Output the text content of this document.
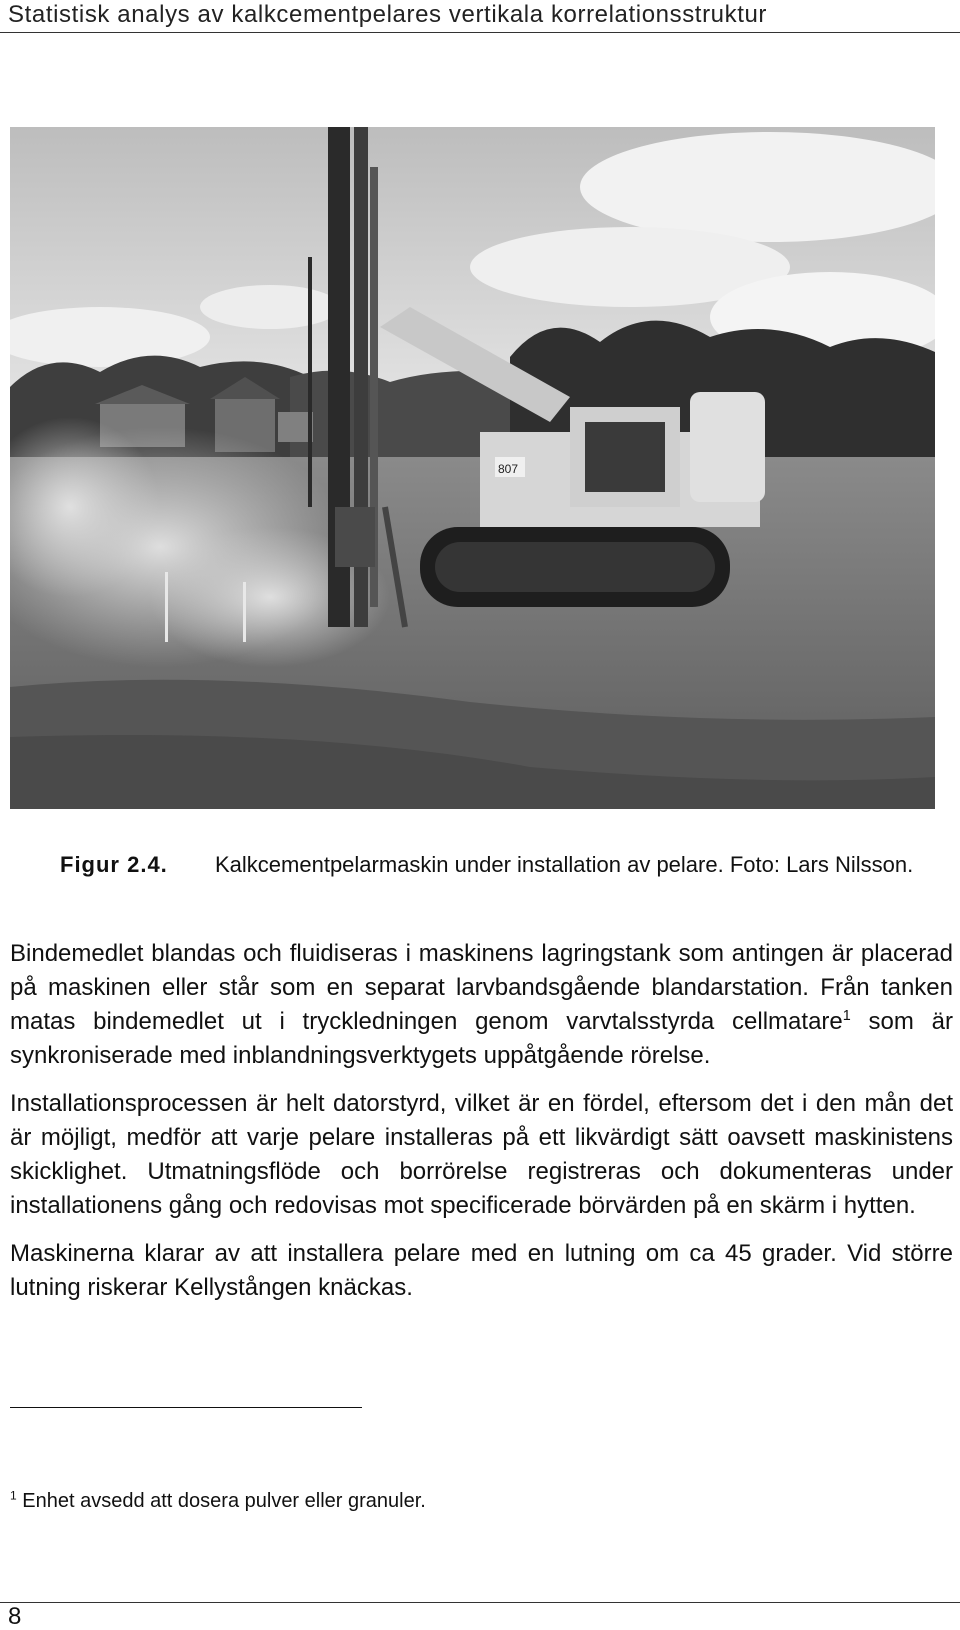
Statistisk analys av kalkcementpelares vertikala korrelationsstruktur
807
Figur 2.4. Kalkcementpelarmaskin under installation av pelare. Foto: Lars Nilsson.

Bindemedlet blandas och fluidiseras i maskinens lagringstank som antingen är placerad på maskinen eller står som en separat larvbandsgående blandarstation. Från tanken matas bindemedlet ut i tryckledningen genom varvtalsstyrda cellmatare$^1$ som är synkroniserade med inblandningsverktygets uppåtgående rörelse.

Installationsprocessen är helt datorstyrd, vilket är en fördel, eftersom det i den mån det är möjligt, medför att varje pelare installeras på ett likvärdigt sätt oavsett maskinistens skicklighet. Utmatningsflöde och borrörelse registreras och dokumenteras under installationens gång och redovisas mot specificerade börvärden på en skärm i hytten.

Maskinerna klarar av att installera pelare med en lutning om ca 45 grader. Vid större lutning riskerar Kellystången knäckas.

$^1$ Enhet avsedd att dosera pulver eller granuler.
8
